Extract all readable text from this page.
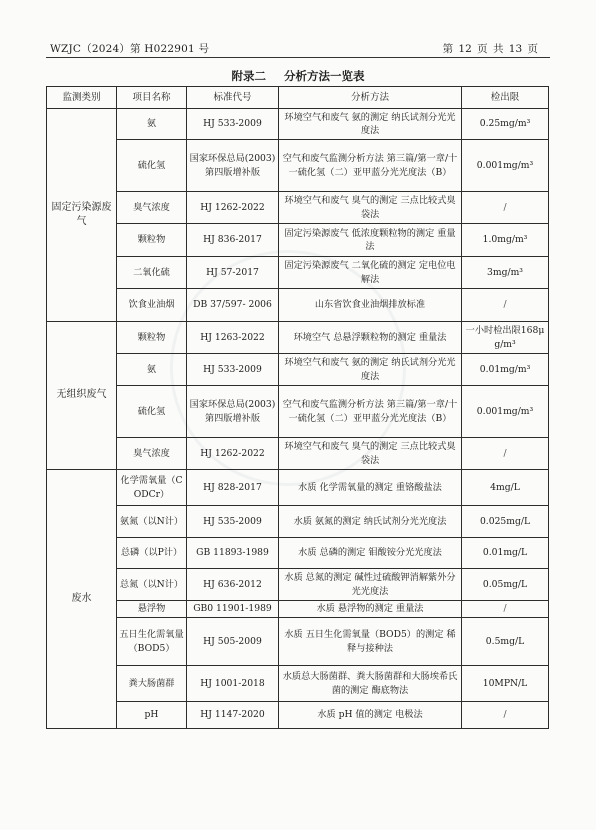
WZJC（2024）第 H022901 号	第 12 页 共 13 页
附录二 分析方法一览表
监测类别	项目名称	标准代号	分析方法	检出限
固定污染源废气	氨	HJ 533-2009	环境空气和废气 氨的测定 纳氏试剂分光光度法	0.25mg/m³
	硫化氢	国家环保总局(2003)第四版增补版	空气和废气监测分析方法 第三篇/第一章/十一硫化氢（二）亚甲蓝分光光度法（B）	0.001mg/m³
	臭气浓度	HJ 1262-2022	环境空气和废气 臭气的测定 三点比较式臭袋法	/
	颗粒物	HJ 836-2017	固定污染源废气 低浓度颗粒物的测定 重量法	1.0mg/m³
	二氧化硫	HJ 57-2017	固定污染源废气 二氧化硫的测定 定电位电解法	3mg/m³
	饮食业油烟	DB 37/597- 2006	山东省饮食业油烟排放标准	/
无组织废气	颗粒物	HJ 1263-2022	环境空气 总悬浮颗粒物的测定 重量法	一小时检出限168μg/m³
	氨	HJ 533-2009	环境空气和废气 氨的测定 纳氏试剂分光光度法	0.01mg/m³
	硫化氢	国家环保总局(2003)第四版增补版	空气和废气监测分析方法 第三篇/第一章/十一硫化氢（二）亚甲蓝分光光度法（B）	0.001mg/m³
	臭气浓度	HJ 1262-2022	环境空气和废气 臭气的测定 三点比较式臭袋法	/
废水	化学需氧量（CODCr）	HJ 828-2017	水质 化学需氧量的测定 重铬酸盐法	4mg/L
	氨氮（以N计）	HJ 535-2009	水质 氨氮的测定 纳氏试剂分光光度法	0.025mg/L
	总磷（以P计）	GB 11893-1989	水质 总磷的测定 钼酸铵分光光度法	0.01mg/L
	总氮（以N计）	HJ 636-2012	水质 总氮的测定 碱性过硫酸钾消解紫外分光光度法	0.05mg/L
	悬浮物	GB0 11901-1989	水质 悬浮物的测定 重量法	/
	五日生化需氧量（BOD5）	HJ 505-2009	水质 五日生化需氧量（BOD5）的测定 稀释与接种法	0.5mg/L
	粪大肠菌群	HJ 1001-2018	水质总大肠菌群、粪大肠菌群和大肠埃希氏菌的测定 酶底物法	10MPN/L
	pH	HJ 1147-2020	水质 pH 值的测定 电极法	/
